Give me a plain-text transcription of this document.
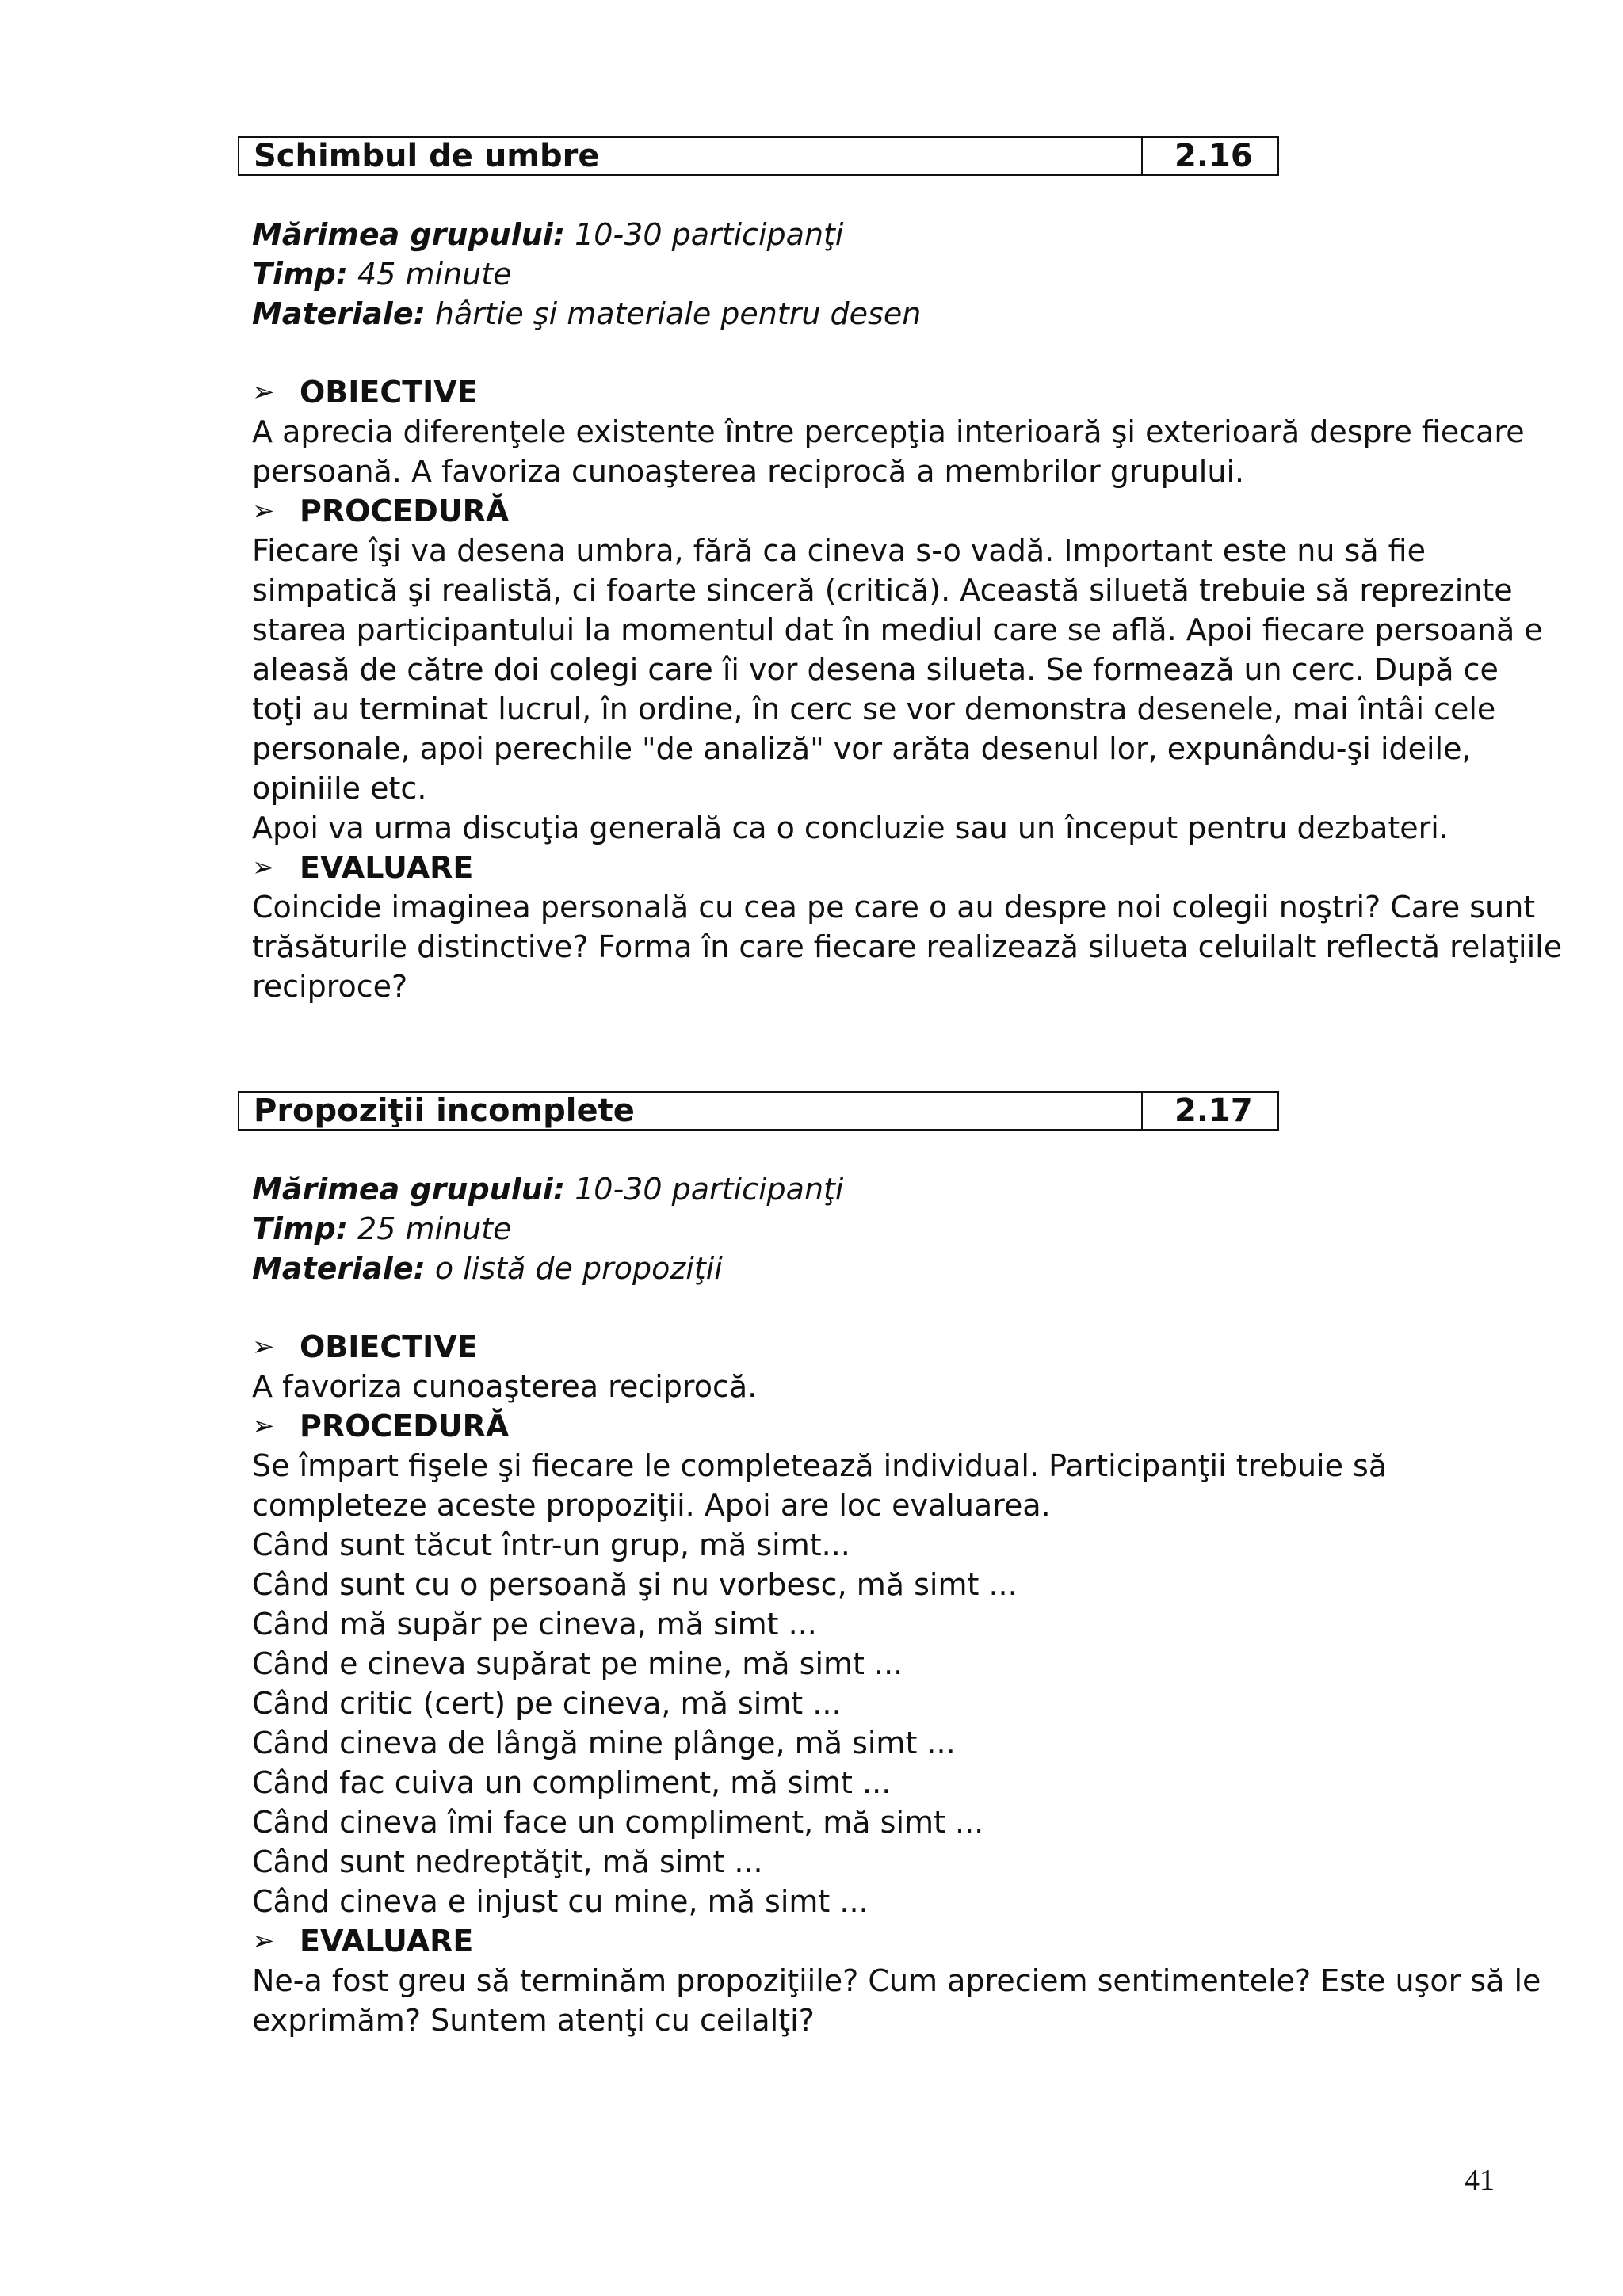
Schimbul de umbre	2.16
Mărimea grupului: 10-30 participanţi
Timp: 45 minute
Materiale: hârtie şi materiale pentru desen
➢ OBIECTIVE

A aprecia diferenţele existente între percepţia interioară şi exterioară despre fiecare

persoană. A favoriza cunoaşterea reciprocă a membrilor grupului.

➢ PROCEDURĂ

Fiecare îşi va desena umbra, fără ca cineva s-o vadă. Important este nu să fie

simpatică şi realistă, ci foarte sinceră (critică). Această siluetă trebuie să reprezinte

starea participantului la momentul dat în mediul care se află. Apoi fiecare persoană e

aleasă de către doi colegi care îi vor desena silueta. Se formează un cerc. După ce

toţi au terminat lucrul, în ordine, în cerc se vor demonstra desenele, mai întâi cele

personale, apoi perechile "de analiză" vor arăta desenul lor, expunându-şi ideile,

opiniile etc.

Apoi va urma discuţia generală ca o concluzie sau un început pentru dezbateri.

➢ EVALUARE

Coincide imaginea personală cu cea pe care o au despre noi colegii noştri? Care sunt

trăsăturile distinctive? Forma în care fiecare realizează silueta celuilalt reflectă relaţiile

reciproce?

Propoziţii incomplete	2.17
Mărimea grupului: 10-30 participanţi
Timp: 25 minute
Materiale: o listă de propoziţii
➢ OBIECTIVE

A favoriza cunoaşterea reciprocă.

➢ PROCEDURĂ

Se împart fişele şi fiecare le completează individual. Participanţii trebuie să

completeze aceste propoziţii. Apoi are loc evaluarea.

Când sunt tăcut într-un grup, mă simt...

Când sunt cu o persoană şi nu vorbesc, mă simt ...

Când mă supăr pe cineva, mă simt ...

Când e cineva supărat pe mine, mă simt ...

Când critic (cert) pe cineva, mă simt ...

Când cineva de lângă mine plânge, mă simt ...

Când fac cuiva un compliment, mă simt ...

Când cineva îmi face un compliment, mă simt ...

Când sunt nedreptăţit, mă simt ...

Când cineva e injust cu mine, mă simt ...

➢ EVALUARE

Ne-a fost greu să terminăm propoziţiile? Cum apreciem sentimentele? Este uşor să le

exprimăm? Suntem atenţi cu ceilalţi?

41
